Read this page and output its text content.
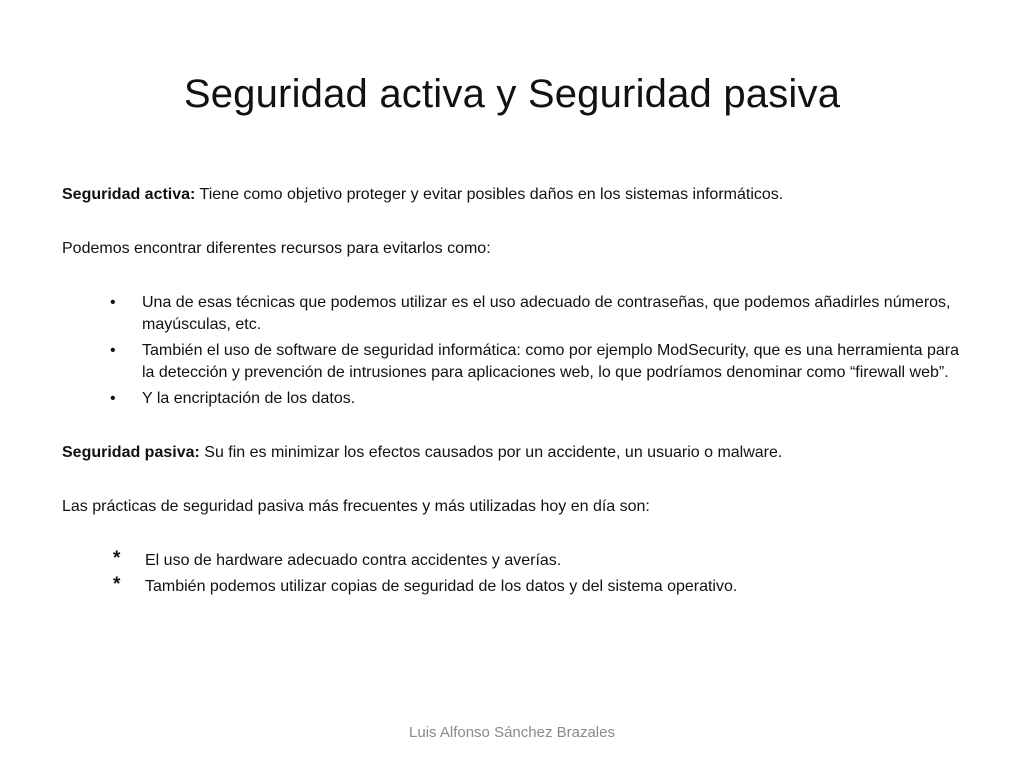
Seguridad activa y Seguridad pasiva

Seguridad activa: Tiene como objetivo proteger y evitar posibles daños en los sistemas informáticos.

Podemos encontrar diferentes recursos para evitarlos como:

•	Una de esas técnicas que podemos utilizar es el uso adecuado de contraseñas, que podemos añadirles números, mayúsculas, etc.
•	También el uso de software de seguridad informática: como por ejemplo ModSecurity, que es una herramienta para la detección y prevención de intrusiones para aplicaciones web, lo que podríamos denominar como “firewall web”.
•	Y la encriptación de los datos.

Seguridad pasiva: Su fin es minimizar los efectos causados por un accidente, un usuario o malware.

Las prácticas de seguridad pasiva más frecuentes y más utilizadas hoy en día son:

* El uso de hardware adecuado contra accidentes y averías.
* También podemos utilizar copias de seguridad de los datos y del sistema operativo.
Luis Alfonso Sánchez Brazales
